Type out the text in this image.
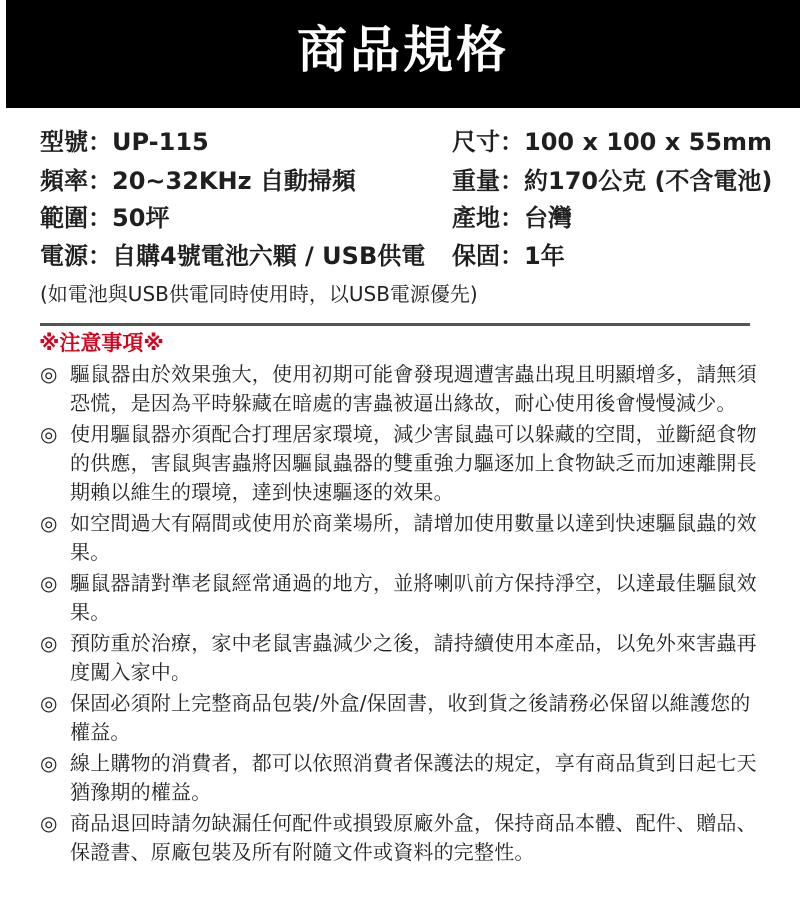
商品規格
型號：UP-115
頻率：20~32KHz 自動掃頻
範圍：50坪
電源：自購4號電池六顆 / USB供電
尺寸：100 x 100 x 55mm
重量：約170公克 (不含電池)
產地：台灣
保固：1年
(如電池與USB供電同時使用時，以USB電源優先)
※注意事項※
◎ 驅鼠器由於效果強大，使用初期可能會發現週遭害蟲出現且明顯增多，請無須恐慌，是因為平時躲藏在暗處的害蟲被逼出緣故，耐心使用後會慢慢減少。
◎ 使用驅鼠器亦須配合打理居家環境，減少害鼠蟲可以躲藏的空間，並斷絕食物的供應，害鼠與害蟲將因驅鼠蟲器的雙重強力驅逐加上食物缺乏而加速離開長期賴以維生的環境，達到快速驅逐的效果。
◎ 如空間過大有隔間或使用於商業場所，請增加使用數量以達到快速驅鼠蟲的效果。
◎ 驅鼠器請對準老鼠經常通過的地方，並將喇叭前方保持淨空，以達最佳驅鼠效果。
◎ 預防重於治療，家中老鼠害蟲減少之後，請持續使用本產品，以免外來害蟲再度闖入家中。
◎ 保固必須附上完整商品包裝/外盒/保固書，收到貨之後請務必保留以維護您的權益。
◎ 線上購物的消費者，都可以依照消費者保護法的規定，享有商品貨到日起七天猶豫期的權益。
◎ 商品退回時請勿缺漏任何配件或損毀原廠外盒，保持商品本體、配件、贈品、保證書、原廠包裝及所有附隨文件或資料的完整性。
